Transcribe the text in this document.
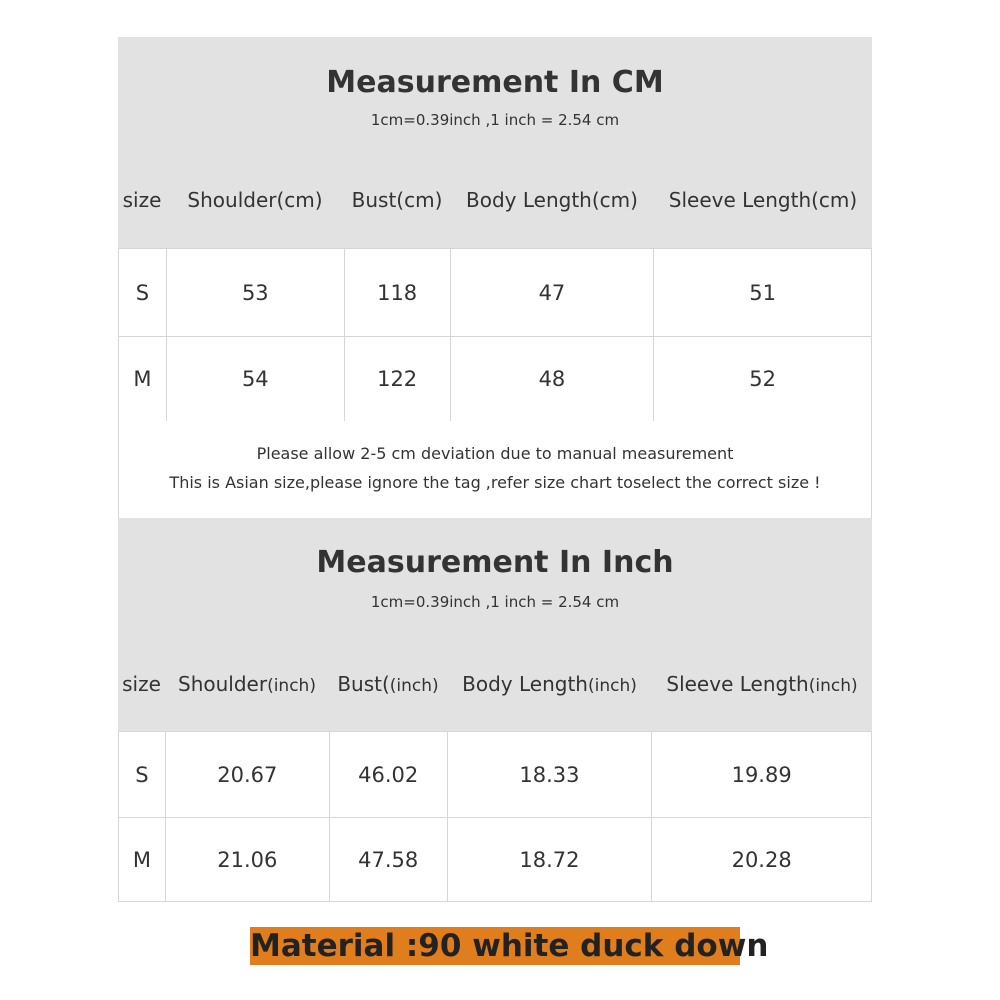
Measurement In CM
1cm=0.39inch ,1 inch = 2.54 cm
size	Shoulder(cm)	Bust(cm)	Body Length(cm)	Sleeve Length(cm)
S	53	118	47	51
M	54	122	48	52
Please allow 2-5 cm deviation due to manual measurement
This is Asian size,please ignore the tag ,refer size chart toselect the correct size !
Measurement In Inch
1cm=0.39inch ,1 inch = 2.54 cm
size Shoulder(inch)	Bust((inch)	Body Length(inch)	Sleeve Length(inch)
S	20.67	46.02	18.33	19.89
M	21.06	47.58	18.72	20.28
Material :90 white duck down
